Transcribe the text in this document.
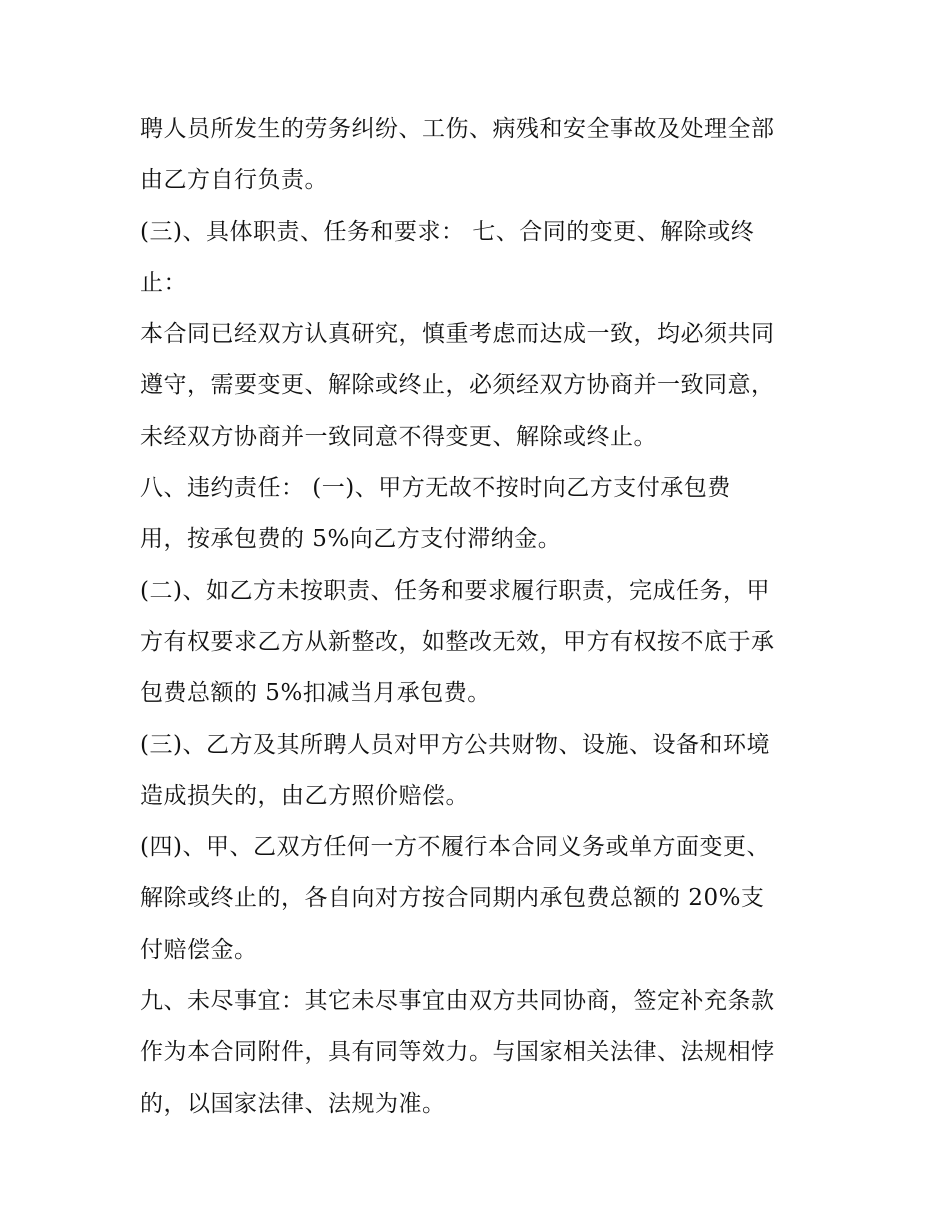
聘人员所发生的劳务纠纷、工伤、病残和安全事故及处理全部

由乙方自行负责。

(三)、具体职责、任务和要求： 七、合同的变更、解除或终

止：

本合同已经双方认真研究，慎重考虑而达成一致，均必须共同

遵守，需要变更、解除或终止，必须经双方协商并一致同意，

未经双方协商并一致同意不得变更、解除或终止。

八、违约责任： (一)、甲方无故不按时向乙方支付承包费

用，按承包费的 5%向乙方支付滞纳金。

(二)、如乙方未按职责、任务和要求履行职责，完成任务，甲

方有权要求乙方从新整改，如整改无效，甲方有权按不底于承

包费总额的 5%扣减当月承包费。

(三)、乙方及其所聘人员对甲方公共财物、设施、设备和环境

造成损失的，由乙方照价赔偿。

(四)、甲、乙双方任何一方不履行本合同义务或单方面变更、

解除或终止的，各自向对方按合同期内承包费总额的 20%支

付赔偿金。

九、未尽事宜：其它未尽事宜由双方共同协商，签定补充条款

作为本合同附件，具有同等效力。与国家相关法律、法规相悖

的，以国家法律、法规为准。
